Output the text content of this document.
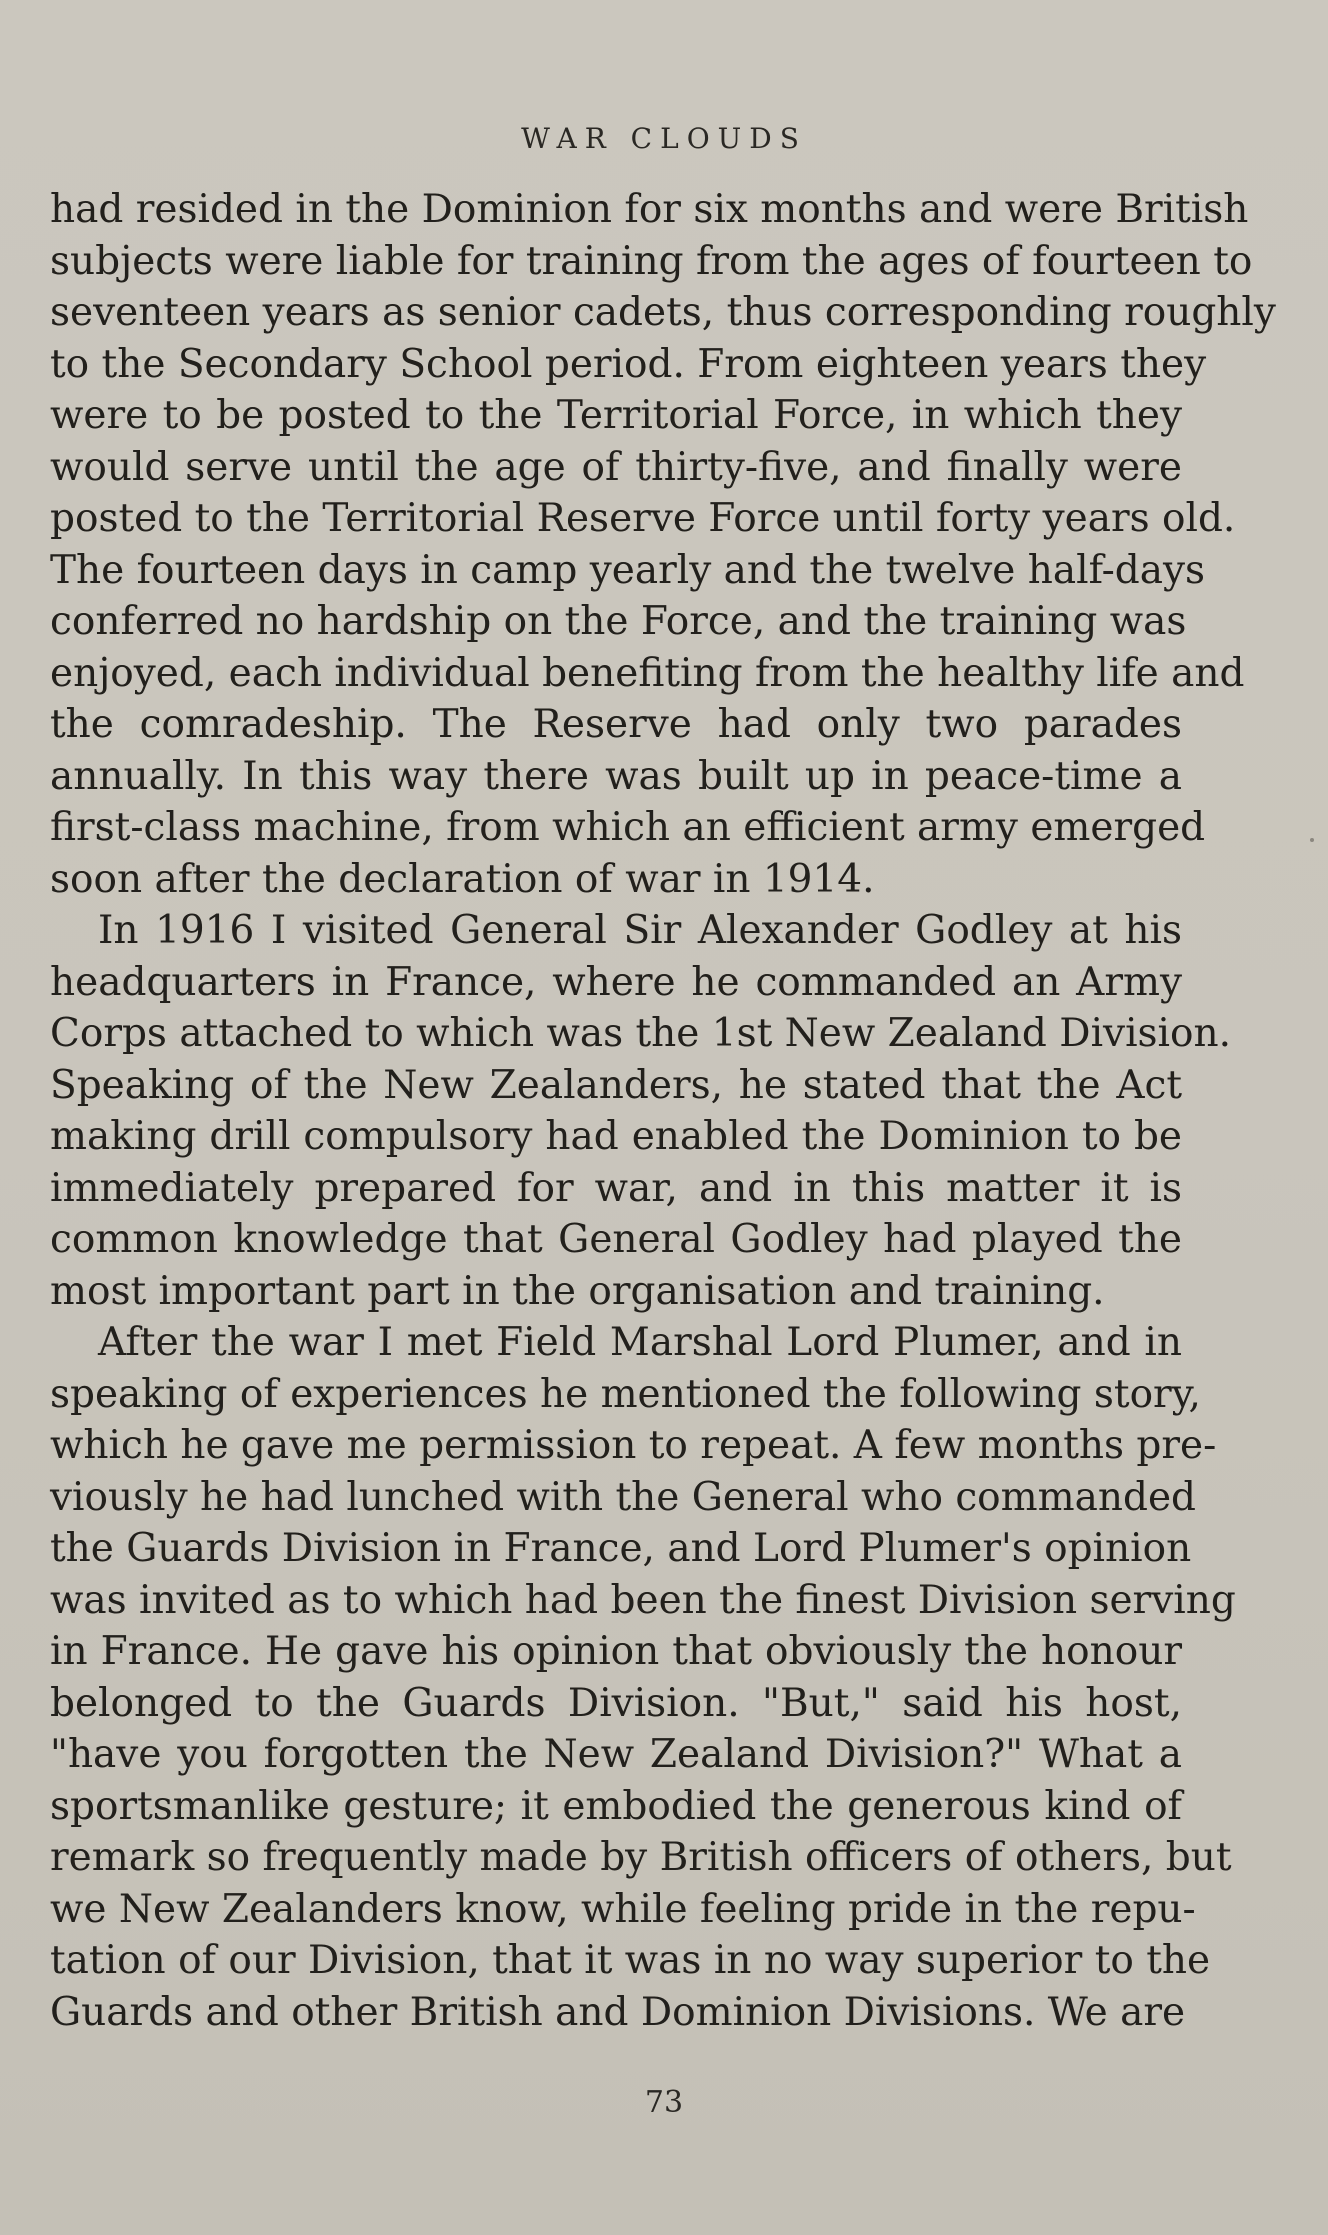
WAR CLOUDS
had resided in the Dominion for six months and were British
subjects were liable for training from the ages of fourteen to
seventeen years as senior cadets, thus corresponding roughly
to the Secondary School period. From eighteen years they
were to be posted to the Territorial Force, in which they
would serve until the age of thirty-five, and finally were
posted to the Territorial Reserve Force until forty years old.
The fourteen days in camp yearly and the twelve half-days
conferred no hardship on the Force, and the training was
enjoyed, each individual benefiting from the healthy life and
the comradeship. The Reserve had only two parades
annually. In this way there was built up in peace-time a
first-class machine, from which an efficient army emerged
soon after the declaration of war in 1914.
In 1916 I visited General Sir Alexander Godley at his
headquarters in France, where he commanded an Army
Corps attached to which was the 1st New Zealand Division.
Speaking of the New Zealanders, he stated that the Act
making drill compulsory had enabled the Dominion to be
immediately prepared for war, and in this matter it is
common knowledge that General Godley had played the
most important part in the organisation and training.
After the war I met Field Marshal Lord Plumer, and in
speaking of experiences he mentioned the following story,
which he gave me permission to repeat. A few months pre-
viously he had lunched with the General who commanded
the Guards Division in France, and Lord Plumer's opinion
was invited as to which had been the finest Division serving
in France. He gave his opinion that obviously the honour
belonged to the Guards Division. "But," said his host,
"have you forgotten the New Zealand Division?" What a
sportsmanlike gesture; it embodied the generous kind of
remark so frequently made by British officers of others, but
we New Zealanders know, while feeling pride in the repu-
tation of our Division, that it was in no way superior to the
Guards and other British and Dominion Divisions. We are
73
